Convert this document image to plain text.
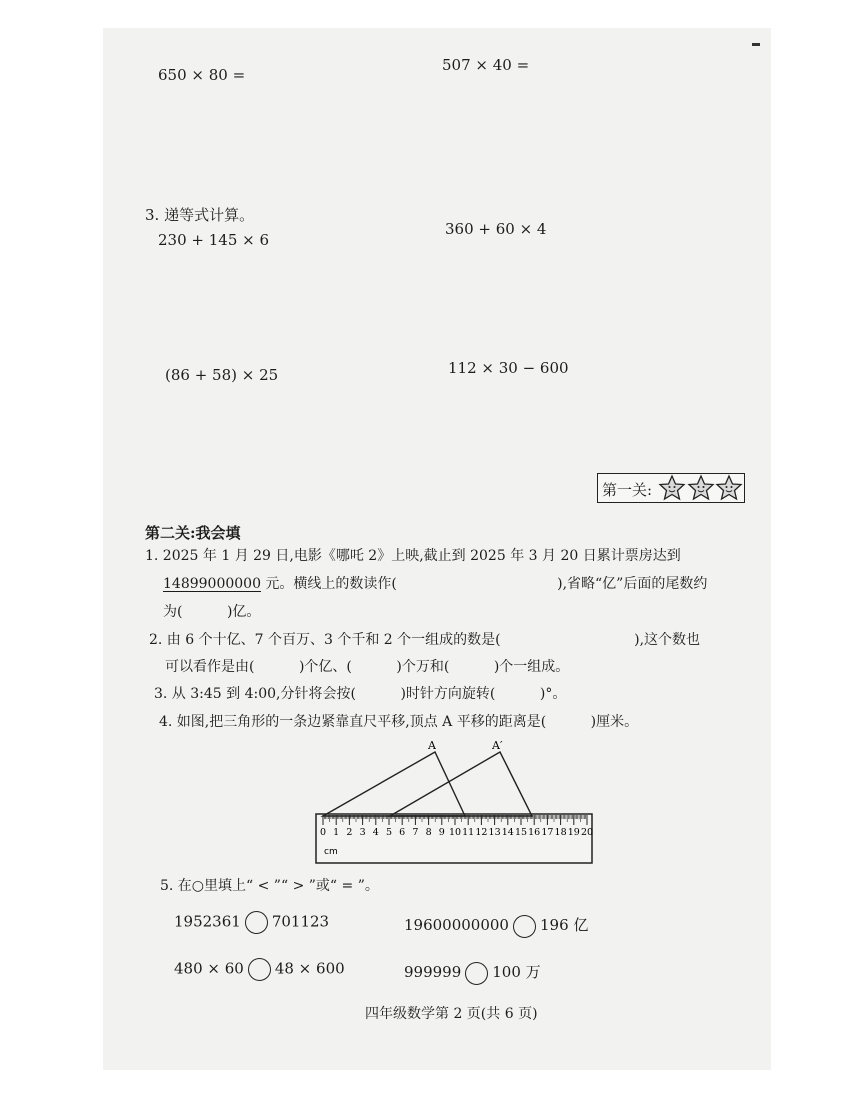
650 × 80 =
507 × 40 =
3. 递等式计算。
230 + 145 × 6
360 + 60 × 4
(86 + 58) × 25	112 × 30 − 600
第一关:
第二关:我会填
1. 2025 年 1 月 29 日,电影《哪吒 2》上映,截止到 2025 年 3 月 20 日累计票房达到
14899000000 元。横线上的数读作(                                    ),省略“亿”后面的尾数约
为(          )亿。
2. 由 6 个十亿、7 个百万、3 个千和 2 个一组成的数是(                              ),这个数也
可以看作是由(          )个亿、(          )个万和(          )个一组成。
3. 从 3:45 到 4:00,分针将会按(          )时针方向旋转(          )°。
4. 如图,把三角形的一条边紧靠直尺平移,顶点 A 平移的距离是(          )厘米。
A	A′
0 1 2 3 4 5 6 7 8 9 10 11 12 13 14 15 16 17 18 19 20
cm
5. 在○里填上“ < ”“ > ”或“ = ”。
1952361 701123	19600000000 196 亿
480 × 60 48 × 600	999999 100 万
四年级数学第 2 页(共 6 页)
